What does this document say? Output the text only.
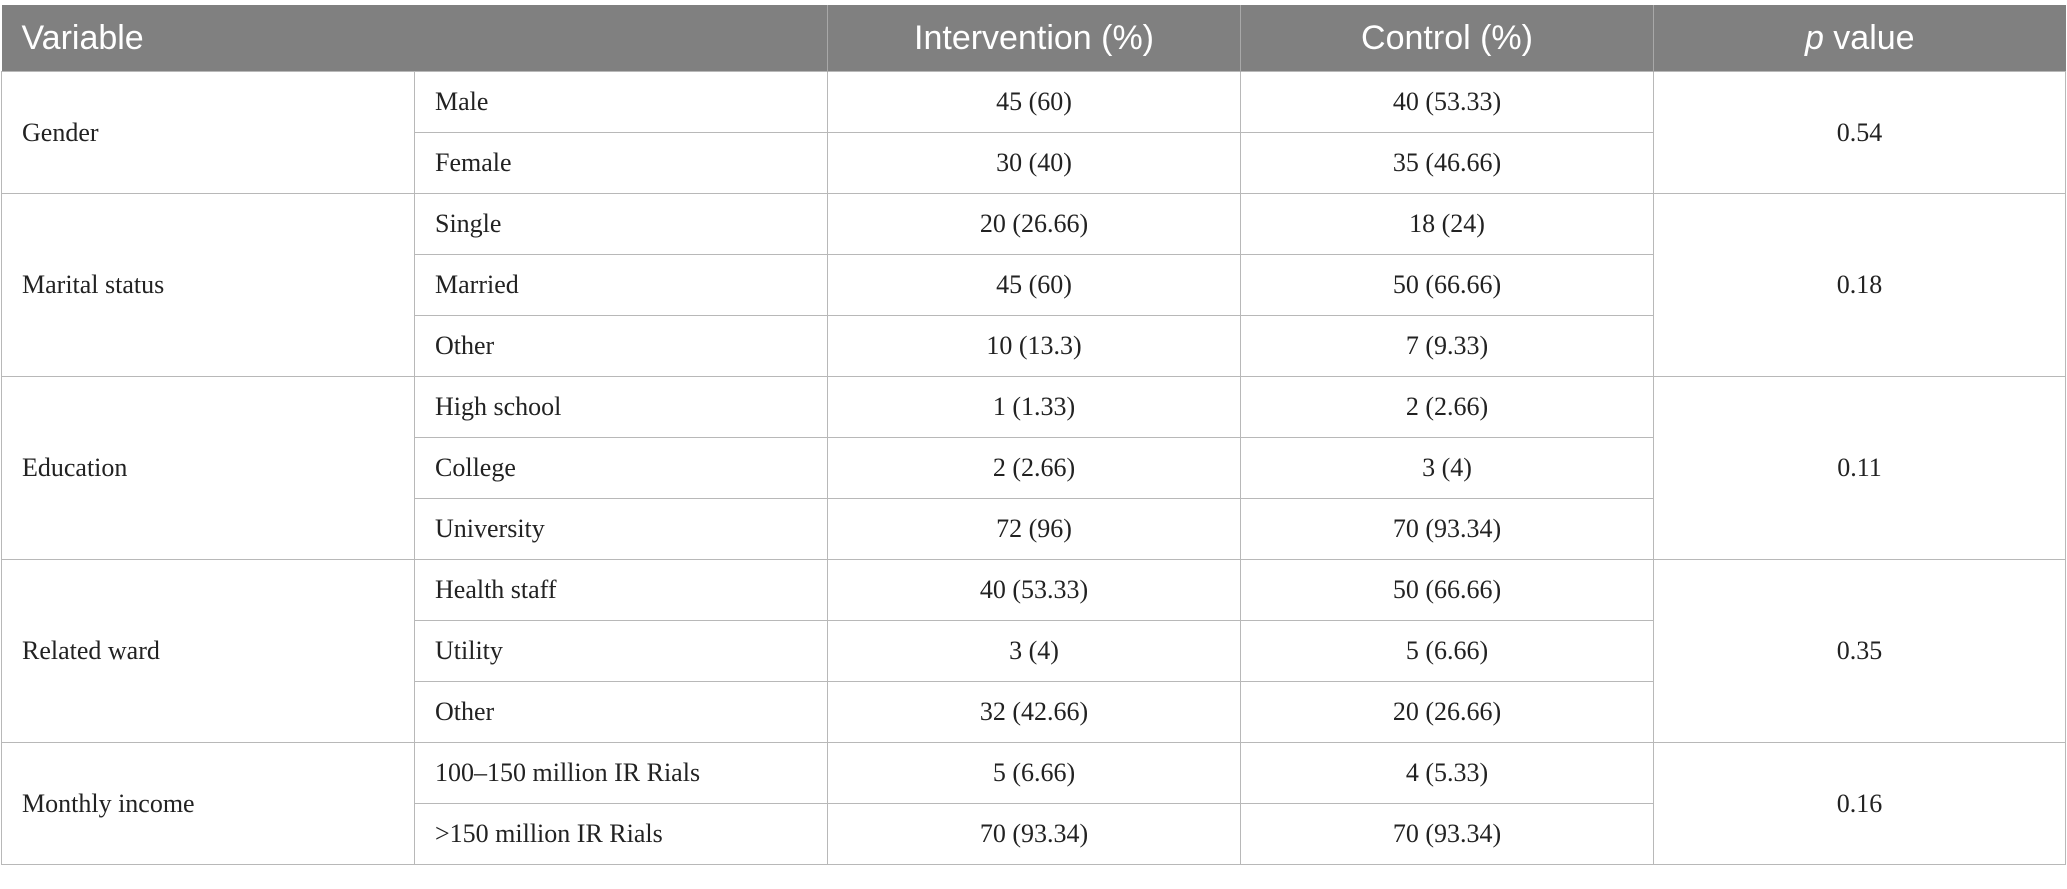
Variable		Intervention (%)	Control (%)	p value
Gender	Male	45 (60)	40 (53.33)	0.54
	Female	30 (40)	35 (46.66)	
Marital status	Single	20 (26.66)	18 (24)	0.18
	Married	45 (60)	50 (66.66)	
	Other	10 (13.3)	7 (9.33)	
Education	High school	1 (1.33)	2 (2.66)	0.11
	College	2 (2.66)	3 (4)	
	University	72 (96)	70 (93.34)	
Related ward	Health staff	40 (53.33)	50 (66.66)	0.35
	Utility	3 (4)	5 (6.66)	
	Other	32 (42.66)	20 (26.66)	
Monthly income	100–150 million IR Rials	5 (6.66)	4 (5.33)	0.16
	>150 million IR Rials	70 (93.34)	70 (93.34)	
